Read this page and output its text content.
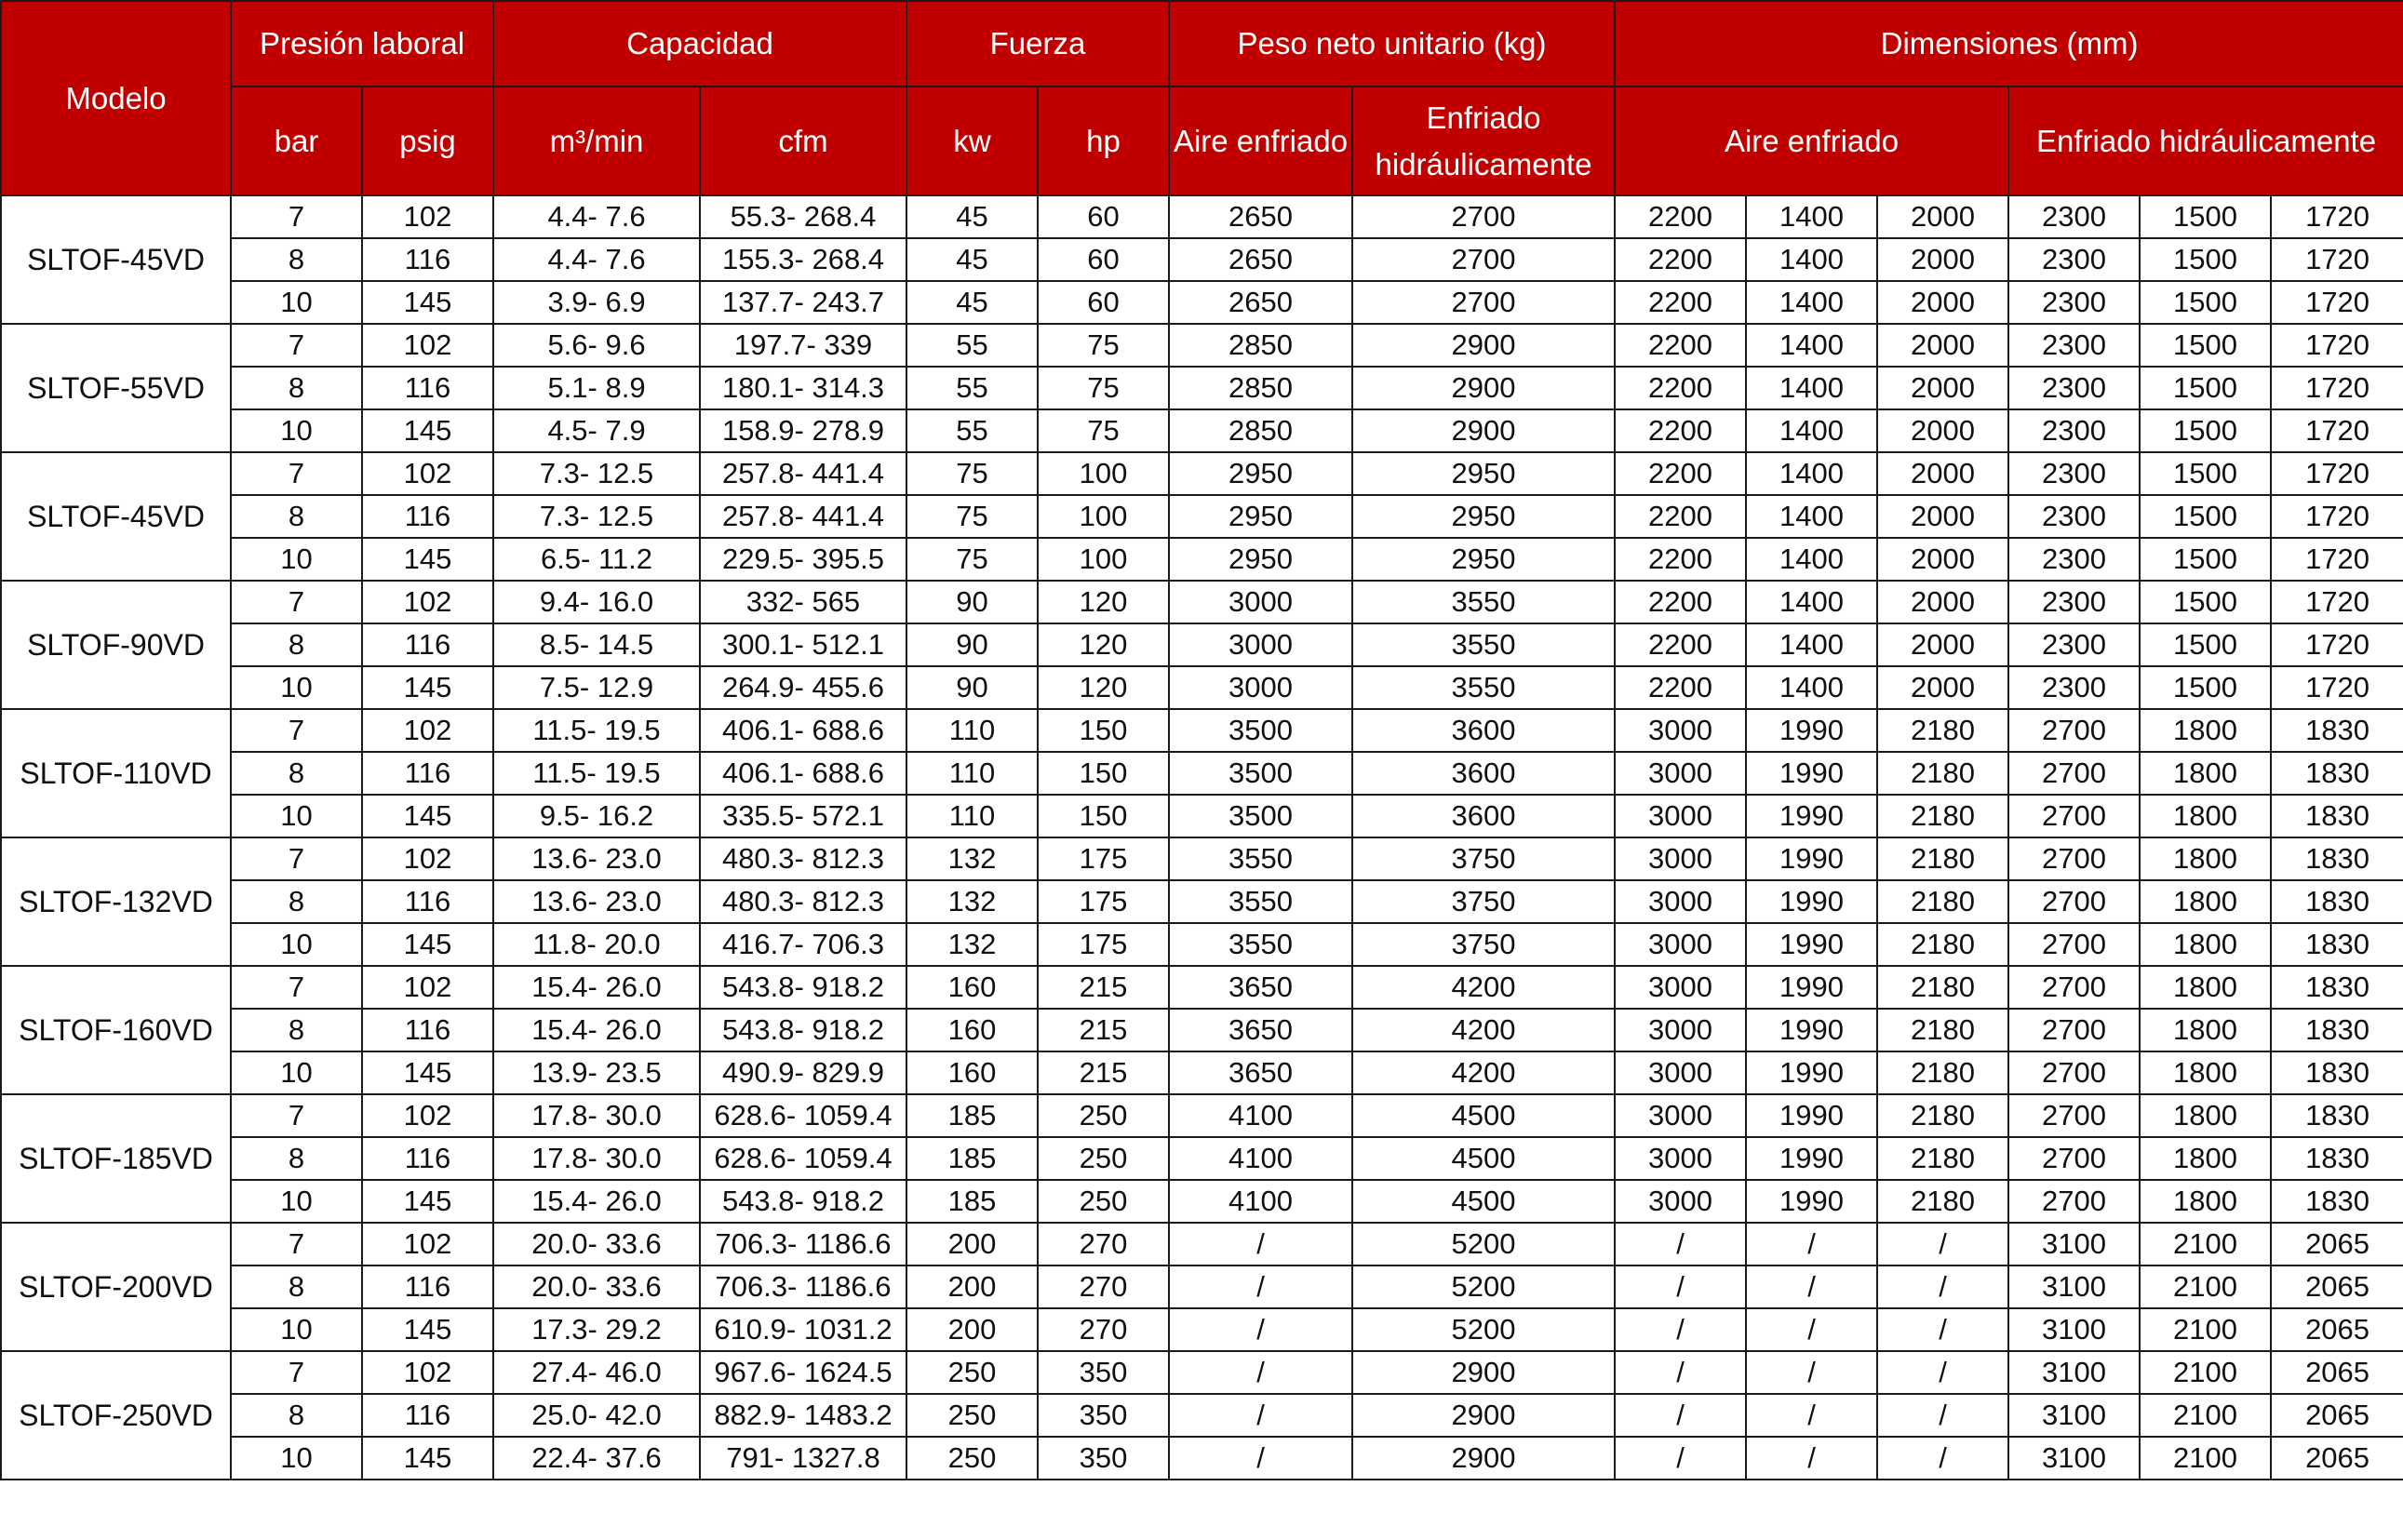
Modelo	Presión laboral		Capacidad		Fuerza		Peso neto unitario (kg)		Dimensiones (mm)					
	bar	psig	m³/min	cfm	kw	hp	Aire enfriado	Enfriado hidráulicamente	Aire enfriado			Enfriado hidráulicamente		
SLTOF-45VD	7	102	4.4- 7.6	55.3- 268.4	45	60	2650	2700	2200	1400	2000	2300	1500	1720
	8	116	4.4- 7.6	155.3- 268.4	45	60	2650	2700	2200	1400	2000	2300	1500	1720
	10	145	3.9- 6.9	137.7- 243.7	45	60	2650	2700	2200	1400	2000	2300	1500	1720
SLTOF-55VD	7	102	5.6- 9.6	197.7- 339	55	75	2850	2900	2200	1400	2000	2300	1500	1720
	8	116	5.1- 8.9	180.1- 314.3	55	75	2850	2900	2200	1400	2000	2300	1500	1720
	10	145	4.5- 7.9	158.9- 278.9	55	75	2850	2900	2200	1400	2000	2300	1500	1720
SLTOF-45VD	7	102	7.3- 12.5	257.8- 441.4	75	100	2950	2950	2200	1400	2000	2300	1500	1720
	8	116	7.3- 12.5	257.8- 441.4	75	100	2950	2950	2200	1400	2000	2300	1500	1720
	10	145	6.5- 11.2	229.5- 395.5	75	100	2950	2950	2200	1400	2000	2300	1500	1720
SLTOF-90VD	7	102	9.4- 16.0	332- 565	90	120	3000	3550	2200	1400	2000	2300	1500	1720
	8	116	8.5- 14.5	300.1- 512.1	90	120	3000	3550	2200	1400	2000	2300	1500	1720
	10	145	7.5- 12.9	264.9- 455.6	90	120	3000	3550	2200	1400	2000	2300	1500	1720
SLTOF-110VD	7	102	11.5- 19.5	406.1- 688.6	110	150	3500	3600	3000	1990	2180	2700	1800	1830
	8	116	11.5- 19.5	406.1- 688.6	110	150	3500	3600	3000	1990	2180	2700	1800	1830
	10	145	9.5- 16.2	335.5- 572.1	110	150	3500	3600	3000	1990	2180	2700	1800	1830
SLTOF-132VD	7	102	13.6- 23.0	480.3- 812.3	132	175	3550	3750	3000	1990	2180	2700	1800	1830
	8	116	13.6- 23.0	480.3- 812.3	132	175	3550	3750	3000	1990	2180	2700	1800	1830
	10	145	11.8- 20.0	416.7- 706.3	132	175	3550	3750	3000	1990	2180	2700	1800	1830
SLTOF-160VD	7	102	15.4- 26.0	543.8- 918.2	160	215	3650	4200	3000	1990	2180	2700	1800	1830
	8	116	15.4- 26.0	543.8- 918.2	160	215	3650	4200	3000	1990	2180	2700	1800	1830
	10	145	13.9- 23.5	490.9- 829.9	160	215	3650	4200	3000	1990	2180	2700	1800	1830
SLTOF-185VD	7	102	17.8- 30.0	628.6- 1059.4	185	250	4100	4500	3000	1990	2180	2700	1800	1830
	8	116	17.8- 30.0	628.6- 1059.4	185	250	4100	4500	3000	1990	2180	2700	1800	1830
	10	145	15.4- 26.0	543.8- 918.2	185	250	4100	4500	3000	1990	2180	2700	1800	1830
SLTOF-200VD	7	102	20.0- 33.6	706.3- 1186.6	200	270	/	5200	/	/	/	3100	2100	2065
	8	116	20.0- 33.6	706.3- 1186.6	200	270	/	5200	/	/	/	3100	2100	2065
	10	145	17.3- 29.2	610.9- 1031.2	200	270	/	5200	/	/	/	3100	2100	2065
SLTOF-250VD	7	102	27.4- 46.0	967.6- 1624.5	250	350	/	2900	/	/	/	3100	2100	2065
	8	116	25.0- 42.0	882.9- 1483.2	250	350	/	2900	/	/	/	3100	2100	2065
	10	145	22.4- 37.6	791- 1327.8	250	350	/	2900	/	/	/	3100	2100	2065
